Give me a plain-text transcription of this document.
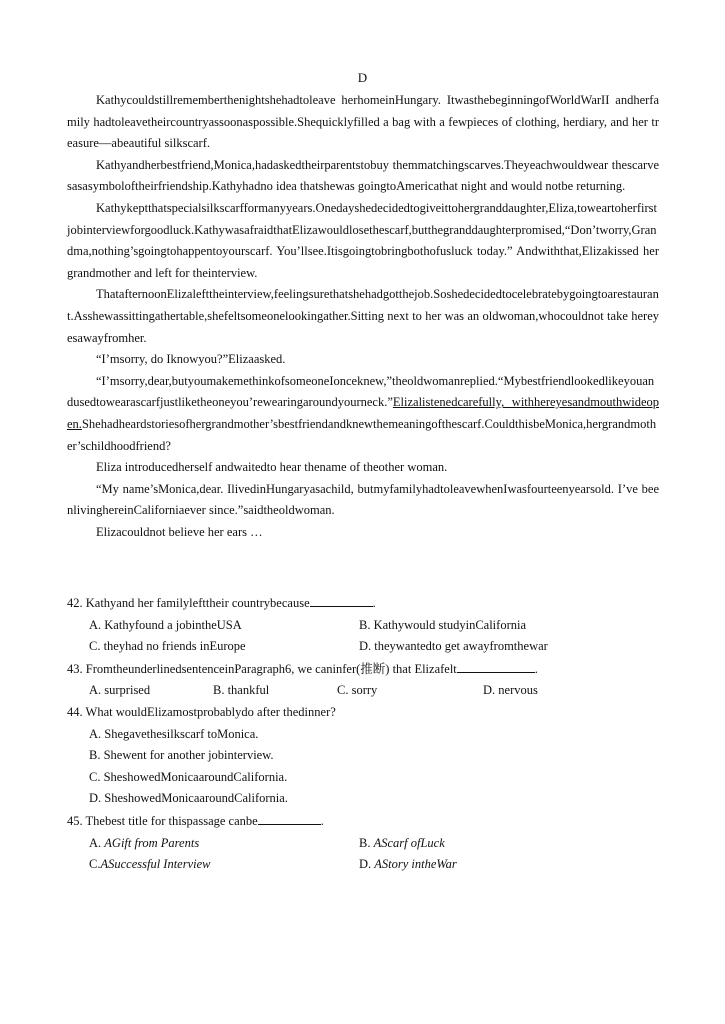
D

Kathycouldstillrememberthenightshehadtoleave herhomeinHungary. ItwasthebeginningofWorldWarII andherfamily hadtoleavetheircountryassoonaspossible.Shequicklyfilled a bag with a fewpieces of clothing, herdiary, and her treasure—abeautiful silkscarf.

Kathyandherbestfriend,Monica,hadaskedtheirparentstobuy themmatchingscarves.Theyeachwouldwear thescarvesasasymboloftheirfriendship.Kathyhadno idea thatshewas goingtoAmericathat night and would notbe returning.

Kathykeptthatspecialsilkscarfformanyyears.Onedayshedecidedtogiveittohergranddaughter,Eliza,toweartoherfirstjobinterviewforgoodluck.KathywasafraidthatElizawouldlosethescarf,butthegranddaughterpromised,“Don’tworry,Grandma,nothing’sgoingtohappentoyourscarf. You’llsee.Itisgoingtobringbothofusluck today.” Andwiththat,Elizakissed her grandmother and left for theinterview.

ThatafternoonElizalefttheinterview,feelingsurethatshehadgotthejob.Soshedecidedtocelebratebygoingtoarestaurant.Asshewassittingathertable,shefeltsomeonelookingather.Sitting next to her was an oldwoman,whocouldnot take hereyesawayfromher.

“I’msorry, do Iknowyou?”Elizaasked.

“I’msorry,dear,butyoumakemethinkofsomeoneIonceknew,”theoldwomanreplied.“Mybestfriendlookedlikeyouandusedtowearascarfjustliketheoneyou’rewearingaroundyourneck.”Elizalistenedcarefully, withhereyesandmouthwideopen.Shehadheardstoriesofhergrandmother’sbestfriendandknewthemeaningofthescarf.CouldthisbeMonica,hergrandmother’schildhoodfriend?

Eliza introducedherself andwaitedto hear thename of theother woman.

“My name’sMonica,dear. IlivedinHungaryasachild, butmyfamilyhadtoleavewhenIwasfourteenyearsold. I’ve beenlivinghereinCaliforniaever since.”saidtheoldwoman.

Elizacouldnot believe her ears …

42. Kathyand her familylefttheir countrybecause	.
A. Kathyfound a jobintheUSA	B. Kathywould studyinCalifornia
C. theyhad no friends inEurope	D. theywantedto get awayfromthewar
43. FromtheunderlinedsentenceinParagraph6, we caninfer(推断) that Elizafelt	.
A. surprised	B. thankful	C. sorry	D. nervous
44. What wouldElizamostprobablydo after thedinner?
A. Shegavethesilkscarf toMonica.
B. Shewent for another jobinterview.
C. SheshowedMonicaaroundCalifornia.
D. SheshowedMonicaaroundCalifornia.
45. Thebest title for thispassage canbe	.
A. AGift from Parents	B. AScarf ofLuck
C.ASuccessful Interview	D. AStory intheWar
